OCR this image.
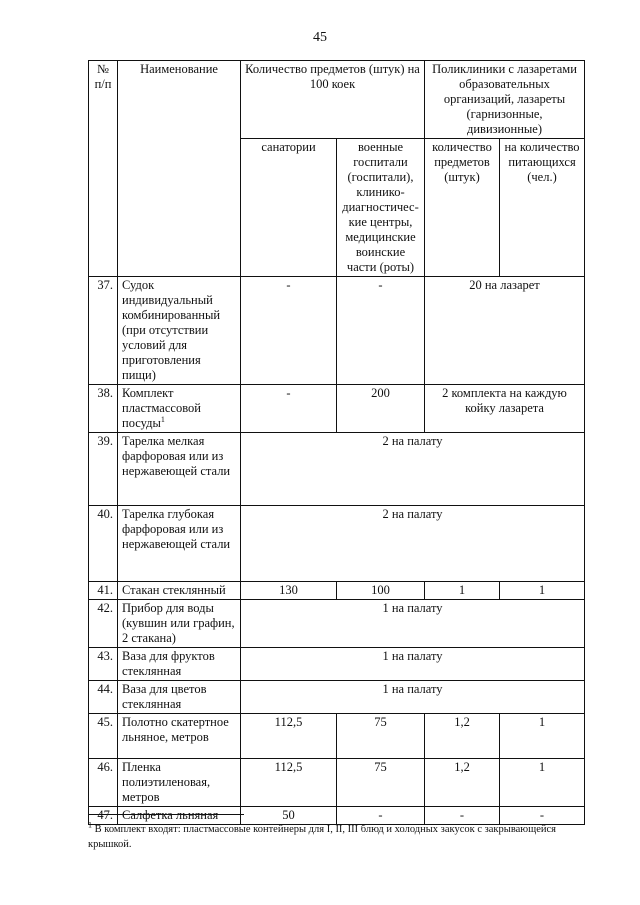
45
№ п/п	Наименование	Количество предметов (штук) на 100 коек		Поликлиники с лазаретами образовательных организаций, лазареты (гарнизонные, дивизионные)	
		санатории	военные госпитали (госпитали), клинико-диагностичес-кие центры, медицинские воинские части (роты)	количество предметов (штук)	на количество питающихся (чел.)
37.	Судок индивидуальный комбинированный (при отсутствии условий для приготовления пищи)	-	-	20 на лазарет	
38.	Комплект пластмассовой посуды$^1$	-	200	2 комплекта на каждую койку лазарета	
39.	Тарелка мелкая фарфоровая или из нержавеющей стали	2 на палату			
40.	Тарелка глубокая фарфоровая или из нержавеющей стали	2 на палату			
41.	Стакан стеклянный	130	100	1	1
42.	Прибор для воды (кувшин или графин, 2 стакана)	1 на палату			
43.	Ваза для фруктов стеклянная	1 на палату			
44.	Ваза для цветов стеклянная	1 на палату			
45.	Полотно скатертное льняное, метров	112,5	75	1,2	1
46.	Пленка полиэтиленовая, метров	112,5	75	1,2	1
47.	Салфетка льняная	50	-	-	-
$^1$ В комплект входят: пластмассовые контейнеры для I, II, III блюд и холодных закусок с закрывающейся крышкой.
